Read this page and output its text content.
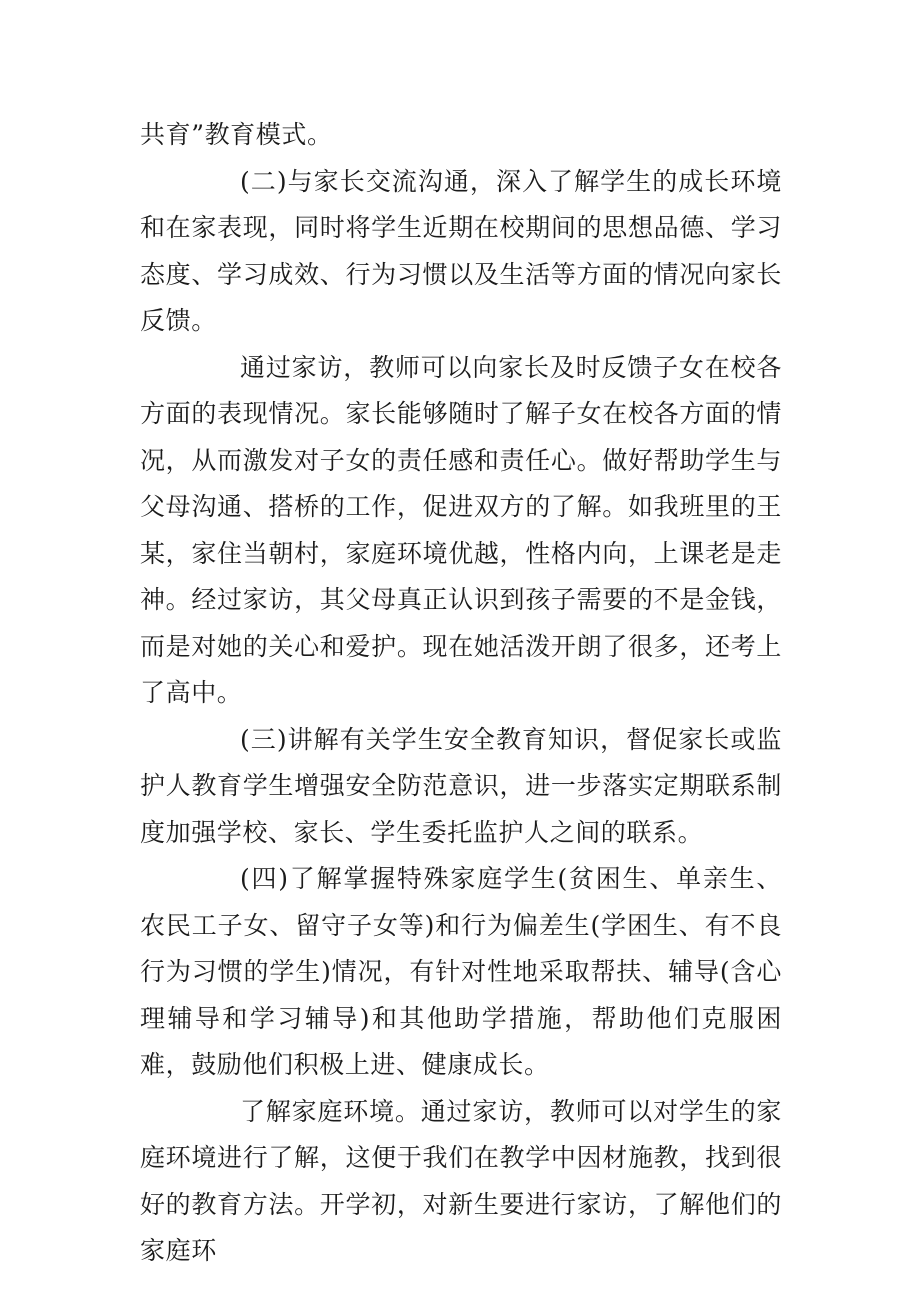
共育”教育模式。

(二)与家长交流沟通，深入了解学生的成长环境和在家表现，同时将学生近期在校期间的思想品德、学习态度、学习成效、行为习惯以及生活等方面的情况向家长反馈。

通过家访，教师可以向家长及时反馈子女在校各方面的表现情况。家长能够随时了解子女在校各方面的情况，从而激发对子女的责任感和责任心。做好帮助学生与父母沟通、搭桥的工作，促进双方的了解。如我班里的王某，家住当朝村，家庭环境优越，性格内向，上课老是走神。经过家访，其父母真正认识到孩子需要的不是金钱，而是对她的关心和爱护。现在她活泼开朗了很多，还考上了高中。

(三)讲解有关学生安全教育知识，督促家长或监护人教育学生增强安全防范意识，进一步落实定期联系制度加强学校、家长、学生委托监护人之间的联系。

(四)了解掌握特殊家庭学生(贫困生、单亲生、农民工子女、留守子女等)和行为偏差生(学困生、有不良行为习惯的学生)情况，有针对性地采取帮扶、辅导(含心理辅导和学习辅导)和其他助学措施，帮助他们克服困难，鼓励他们积极上进、健康成长。

了解家庭环境。通过家访，教师可以对学生的家庭环境进行了解，这便于我们在教学中因材施教，找到很好的教育方法。开学初，对新生要进行家访，了解他们的家庭环
